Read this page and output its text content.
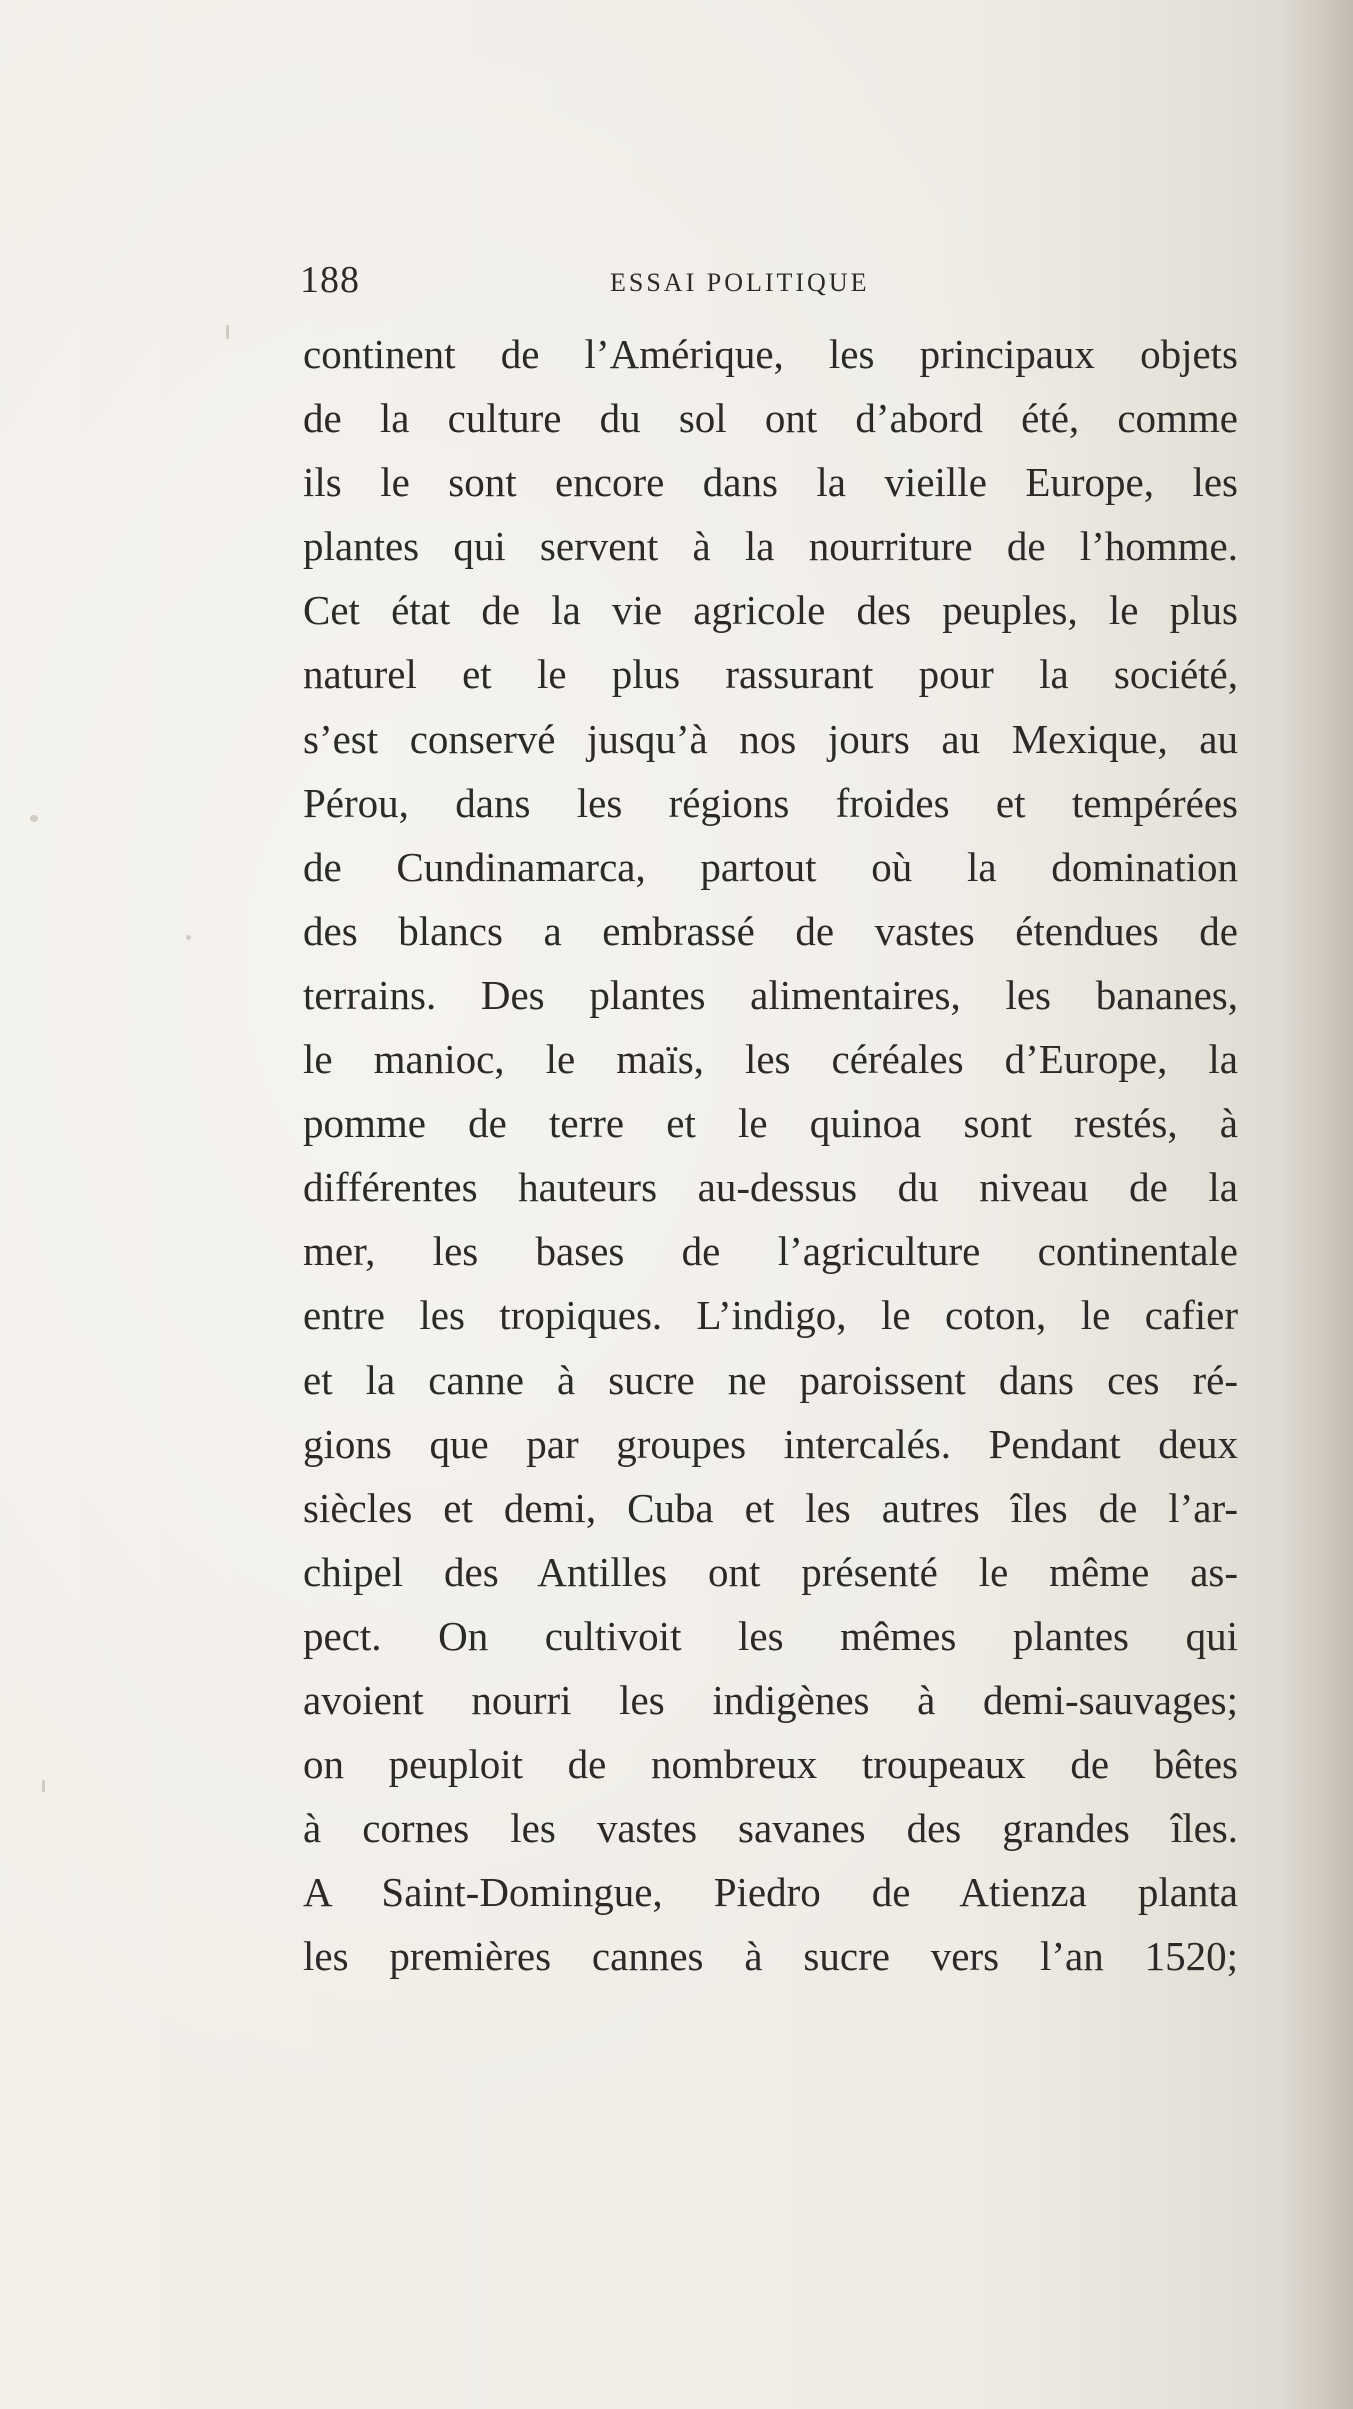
188	ESSAI POLITIQUE
continent de l’Amérique, les principaux objets
de la culture du sol ont d’abord été, comme
ils le sont encore dans la vieille Europe, les
plantes qui servent à la nourriture de l’homme.
Cet état de la vie agricole des peuples, le plus
naturel et le plus rassurant pour la société,
s’est conservé jusqu’à nos jours au Mexique, au
Pérou, dans les régions froides et tempérées
de Cundinamarca, partout où la domination
des blancs a embrassé de vastes étendues de
terrains. Des plantes alimentaires, les bananes,
le manioc, le maïs, les céréales d’Europe, la
pomme de terre et le quinoa sont restés, à
différentes hauteurs au-dessus du niveau de la
mer, les bases de l’agriculture continentale
entre les tropiques. L’indigo, le coton, le cafier
et la canne à sucre ne paroissent dans ces ré-
gions que par groupes intercalés. Pendant deux
siècles et demi, Cuba et les autres îles de l’ar-
chipel des Antilles ont présenté le même as-
pect. On cultivoit les mêmes plantes qui
avoient nourri les indigènes à demi-sauvages;
on peuploit de nombreux troupeaux de bêtes
à cornes les vastes savanes des grandes îles.
A Saint-Domingue, Piedro de Atienza planta
les premières cannes à sucre vers l’an 1520;
